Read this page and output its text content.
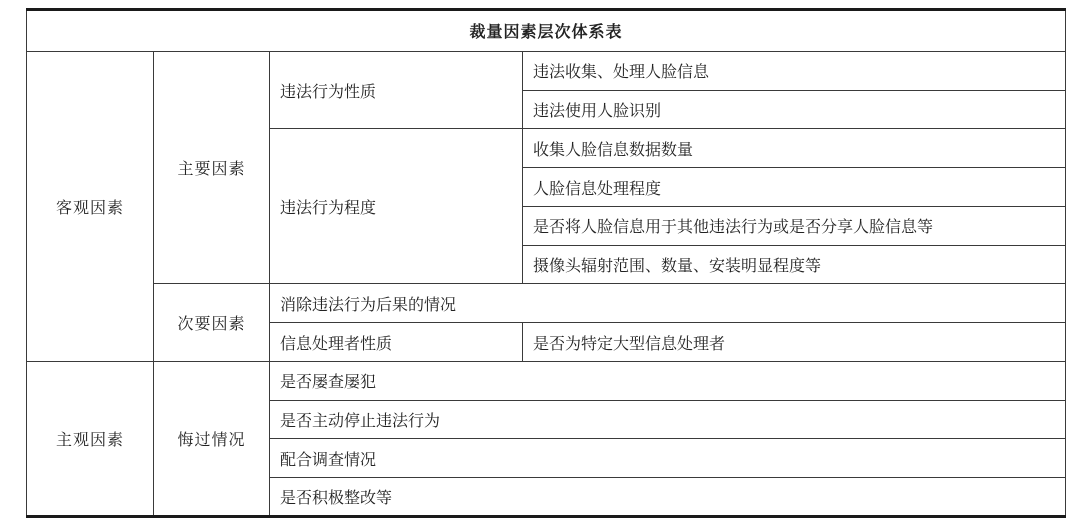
裁量因素层次体系表			
客观因素	主要因素	违法行为性质	违法收集、处理人脸信息
			违法使用人脸识别
		违法行为程度	收集人脸信息数据数量
			人脸信息处理程度
			是否将人脸信息用于其他违法行为或是否分享人脸信息等
			摄像头辐射范围、数量、安装明显程度等
	次要因素	消除违法行为后果的情况	
		信息处理者性质	是否为特定大型信息处理者
主观因素	悔过情况	是否屡查屡犯	
		是否主动停止违法行为	
		配合调查情况	
		是否积极整改等	
